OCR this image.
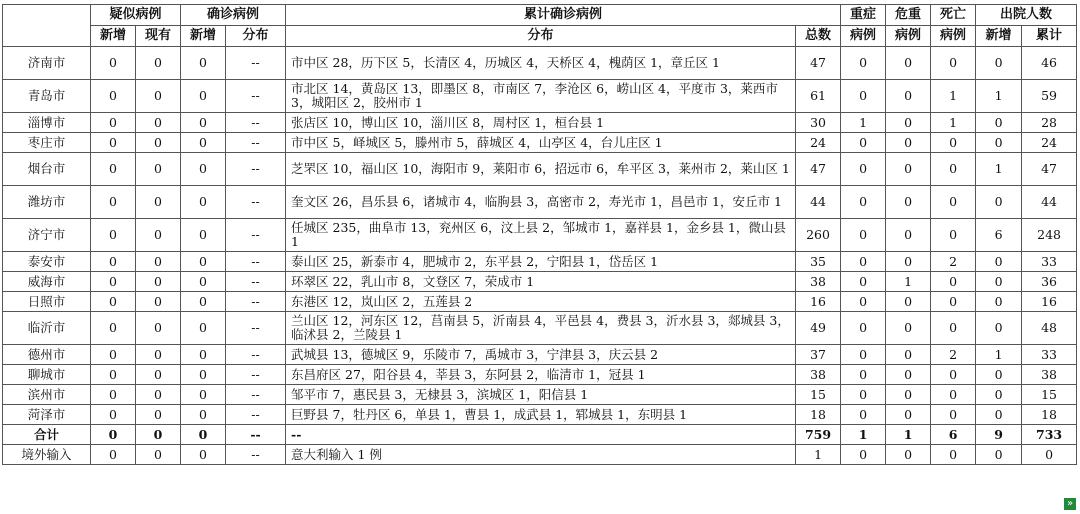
	疑似病例		确诊病例		累计确诊病例		重症	危重	死亡	出院人数	
	新增	现有	新增	分布	分布	总数	病例	病例	病例	新增	累计
济南市	0	0	0	--	市中区 28，历下区 5，长清区 4，历城区 4，天桥区 4，槐荫区 1，章丘区 1	47	0	0	0	0	46
青岛市	0	0	0	--	市北区 14，黄岛区 13，即墨区 8，市南区 7，李沧区 6，崂山区 4，平度市 3，莱西市 3，城阳区 2，胶州市 1	61	0	0	1	1	59
淄博市	0	0	0	--	张店区 10，博山区 10，淄川区 8，周村区 1，桓台县 1	30	1	0	1	0	28
枣庄市	0	0	0	--	市中区 5，峄城区 5，滕州市 5，薛城区 4，山亭区 4，台儿庄区 1	24	0	0	0	0	24
烟台市	0	0	0	--	芝罘区 10，福山区 10，海阳市 9，莱阳市 6，招远市 6，牟平区 3，莱州市 2，莱山区 1	47	0	0	0	1	47
潍坊市	0	0	0	--	奎文区 26，昌乐县 6，诸城市 4，临朐县 3，高密市 2，寿光市 1，昌邑市 1，安丘市 1	44	0	0	0	0	44
济宁市	0	0	0	--	任城区 235，曲阜市 13，兖州区 6，汶上县 2，邹城市 1，嘉祥县 1，金乡县 1，微山县 1	260	0	0	0	6	248
泰安市	0	0	0	--	泰山区 25，新泰市 4，肥城市 2，东平县 2，宁阳县 1，岱岳区 1	35	0	0	2	0	33
威海市	0	0	0	--	环翠区 22，乳山市 8，文登区 7，荣成市 1	38	0	1	0	0	36
日照市	0	0	0	--	东港区 12，岚山区 2，五莲县 2	16	0	0	0	0	16
临沂市	0	0	0	--	兰山区 12，河东区 12，莒南县 5，沂南县 4，平邑县 4，费县 3，沂水县 3，郯城县 3，临沭县 2，兰陵县 1	49	0	0	0	0	48
德州市	0	0	0	--	武城县 13，德城区 9，乐陵市 7，禹城市 3，宁津县 3，庆云县 2	37	0	0	2	1	33
聊城市	0	0	0	--	东昌府区 27，阳谷县 4，莘县 3，东阿县 2，临清市 1，冠县 1	38	0	0	0	0	38
滨州市	0	0	0	--	邹平市 7，惠民县 3，无棣县 3，滨城区 1，阳信县 1	15	0	0	0	0	15
菏泽市	0	0	0	--	巨野县 7，牡丹区 6，单县 1，曹县 1，成武县 1，郓城县 1，东明县 1	18	0	0	0	0	18
合计	0	0	0	--	--	759	1	1	6	9	733
境外输入	0	0	0	--	意大利输入 1 例	1	0	0	0	0	0
»
